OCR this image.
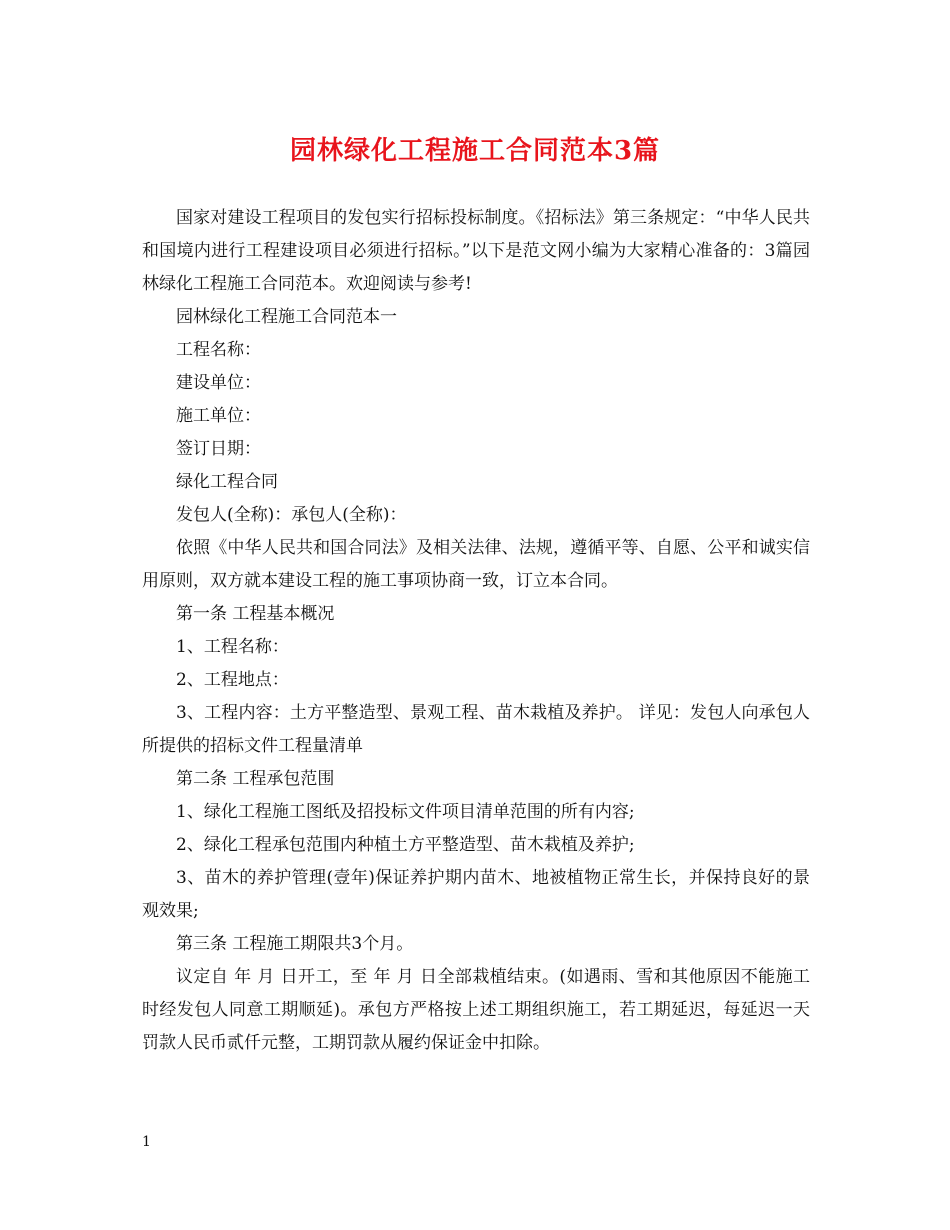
园林绿化工程施工合同范本3篇

国家对建设工程项目的发包实行招标投标制度。《招标法》第三条规定：“中华人民共和国境内进行工程建设项目必须进行招标。”以下是范文网小编为大家精心准备的：3篇园林绿化工程施工合同范本。欢迎阅读与参考!

园林绿化工程施工合同范本一

工程名称：

建设单位：

施工单位：

签订日期：

绿化工程合同

发包人(全称)：承包人(全称)：

依照《中华人民共和国合同法》及相关法律、法规，遵循平等、自愿、公平和诚实信用原则，双方就本建设工程的施工事项协商一致，订立本合同。

第一条 工程基本概况

1、工程名称：

2、工程地点：

3、工程内容：土方平整造型、景观工程、苗木栽植及养护。 详见：发包人向承包人所提供的招标文件工程量清单

第二条 工程承包范围

1、绿化工程施工图纸及招投标文件项目清单范围的所有内容;

2、绿化工程承包范围内种植土方平整造型、苗木栽植及养护;

3、苗木的养护管理(壹年)保证养护期内苗木、地被植物正常生长，并保持良好的景观效果;

第三条 工程施工期限共3个月。

议定自 年 月 日开工，至 年 月 日全部栽植结束。(如遇雨、雪和其他原因不能施工时经发包人同意工期顺延)。承包方严格按上述工期组织施工，若工期延迟，每延迟一天罚款人民币贰仟元整，工期罚款从履约保证金中扣除。

1
